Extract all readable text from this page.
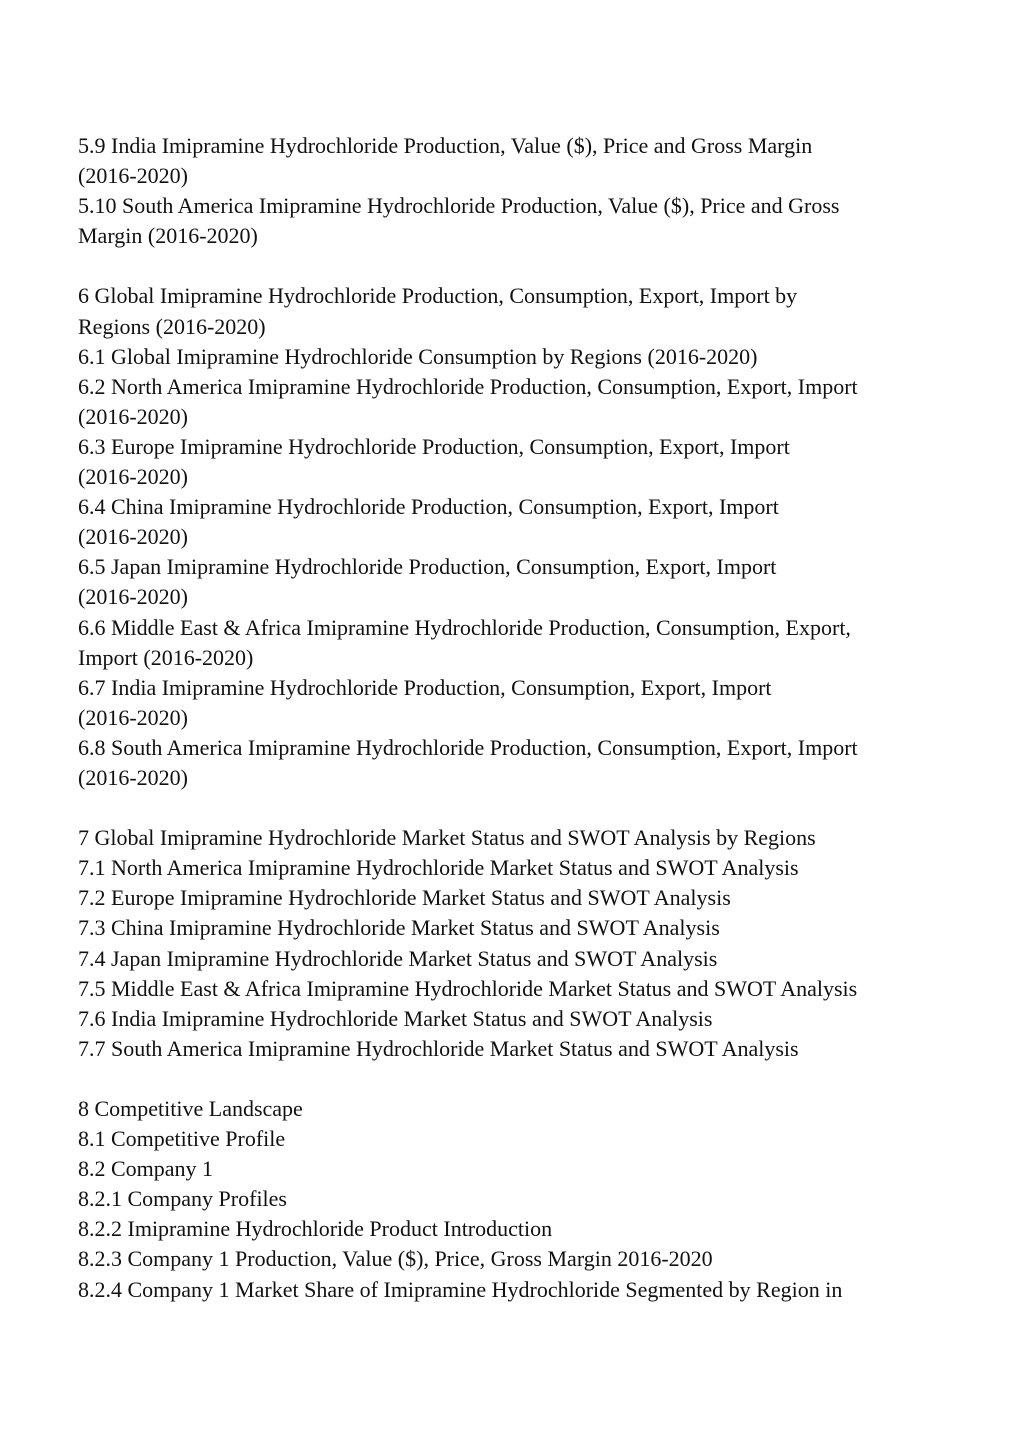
5.9 India Imipramine Hydrochloride Production, Value ($), Price and Gross Margin
(2016-2020)
5.10 South America Imipramine Hydrochloride Production, Value ($), Price and Gross
Margin (2016-2020)
6 Global Imipramine Hydrochloride Production, Consumption, Export, Import by
Regions (2016-2020)
6.1 Global Imipramine Hydrochloride Consumption by Regions (2016-2020)
6.2 North America Imipramine Hydrochloride Production, Consumption, Export, Import
(2016-2020)
6.3 Europe Imipramine Hydrochloride Production, Consumption, Export, Import
(2016-2020)
6.4 China Imipramine Hydrochloride Production, Consumption, Export, Import
(2016-2020)
6.5 Japan Imipramine Hydrochloride Production, Consumption, Export, Import
(2016-2020)
6.6 Middle East & Africa Imipramine Hydrochloride Production, Consumption, Export,
Import (2016-2020)
6.7 India Imipramine Hydrochloride Production, Consumption, Export, Import
(2016-2020)
6.8 South America Imipramine Hydrochloride Production, Consumption, Export, Import
(2016-2020)
7 Global Imipramine Hydrochloride Market Status and SWOT Analysis by Regions
7.1 North America Imipramine Hydrochloride Market Status and SWOT Analysis
7.2 Europe Imipramine Hydrochloride Market Status and SWOT Analysis
7.3 China Imipramine Hydrochloride Market Status and SWOT Analysis
7.4 Japan Imipramine Hydrochloride Market Status and SWOT Analysis
7.5 Middle East & Africa Imipramine Hydrochloride Market Status and SWOT Analysis
7.6 India Imipramine Hydrochloride Market Status and SWOT Analysis
7.7 South America Imipramine Hydrochloride Market Status and SWOT Analysis
8 Competitive Landscape
8.1 Competitive Profile
8.2 Company 1
8.2.1 Company Profiles
8.2.2 Imipramine Hydrochloride Product Introduction
8.2.3 Company 1 Production, Value ($), Price, Gross Margin 2016-2020
8.2.4 Company 1 Market Share of Imipramine Hydrochloride Segmented by Region in
